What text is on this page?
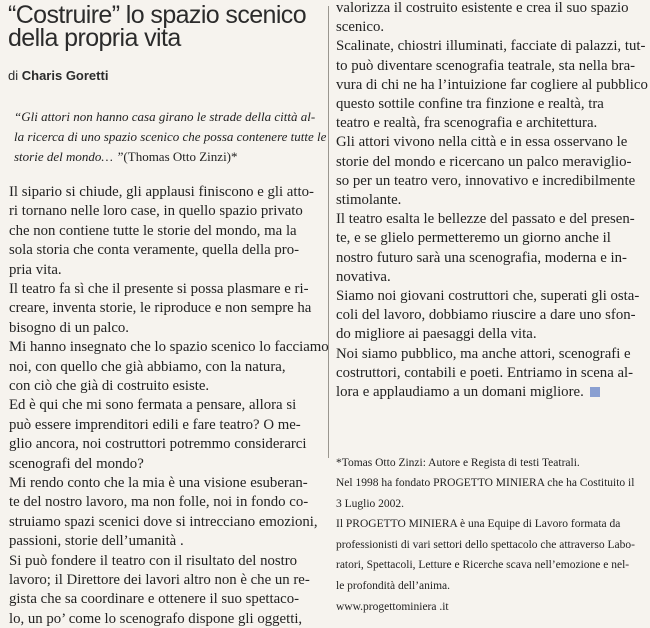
“Costruire” lo spazio scenico
della propria vita
di Charis Goretti
“Gli attori non hanno casa girano le strade della città al-
la ricerca di uno spazio scenico che possa contenere tutte le
storie del mondo… ”(Thomas Otto Zinzi)*
Il sipario si chiude, gli applausi finiscono e gli atto-
ri tornano nelle loro case, in quello spazio privato
che non contiene tutte le storie del mondo, ma la
sola storia che conta veramente, quella della pro-
pria vita.
Il teatro fa sì che il presente si possa plasmare e ri-
creare, inventa storie, le riproduce e non sempre ha
bisogno di un palco.
Mi hanno insegnato che lo spazio scenico lo facciamo
noi, con quello che già abbiamo, con la natura,
con ciò che già di costruito esiste.
Ed è qui che mi sono fermata a pensare, allora si
può essere imprenditori edili e fare teatro? O me-
glio ancora, noi costruttori potremmo considerarci
scenografi del mondo?
Mi rendo conto che la mia è una visione esuberan-
te del nostro lavoro, ma non folle, noi in fondo co-
struiamo spazi scenici dove si intrecciano emozioni,
passioni, storie dell’umanità .
Si può fondere il teatro con il risultato del nostro
lavoro; il Direttore dei lavori altro non è che un re-
gista che sa coordinare e ottenere il suo spettaco-
lo, un po’ come lo scenografo dispone gli oggetti,
valorizza il costruito esistente e crea il suo spazio
scenico.
Scalinate, chiostri illuminati, facciate di palazzi, tut-
to può diventare scenografia teatrale, sta nella bra-
vura di chi ne ha l’intuizione far cogliere al pubblico
questo sottile confine tra finzione e realtà, tra
teatro e realtà, fra scenografia e architettura.
Gli attori vivono nella città e in essa osservano le
storie del mondo e ricercano un palco meraviglio-
so per un teatro vero, innovativo e incredibilmente
stimolante.
Il teatro esalta le bellezze del passato e del presen-
te, e se glielo permetteremo un giorno anche il
nostro futuro sarà una scenografia, moderna e in-
novativa.
Siamo noi giovani costruttori che, superati gli osta-
coli del lavoro, dobbiamo riuscire a dare uno sfon-
do migliore ai paesaggi della vita.
Noi siamo pubblico, ma anche attori, scenografi e
costruttori, contabili e poeti. Entriamo in scena al-
lora e applaudiamo a un domani migliore.
*Tomas Otto Zinzi: Autore e Regista di testi Teatrali.
Nel 1998 ha fondato PROGETTO MINIERA che ha Costituito il
3 Luglio 2002.
Il PROGETTO MINIERA è una Equipe di Lavoro formata da
professionisti di vari settori dello spettacolo che attraverso Labo-
ratori, Spettacoli, Letture e Ricerche scava nell’emozione e nel-
le profondità dell’anima.
www.progettominiera .it
